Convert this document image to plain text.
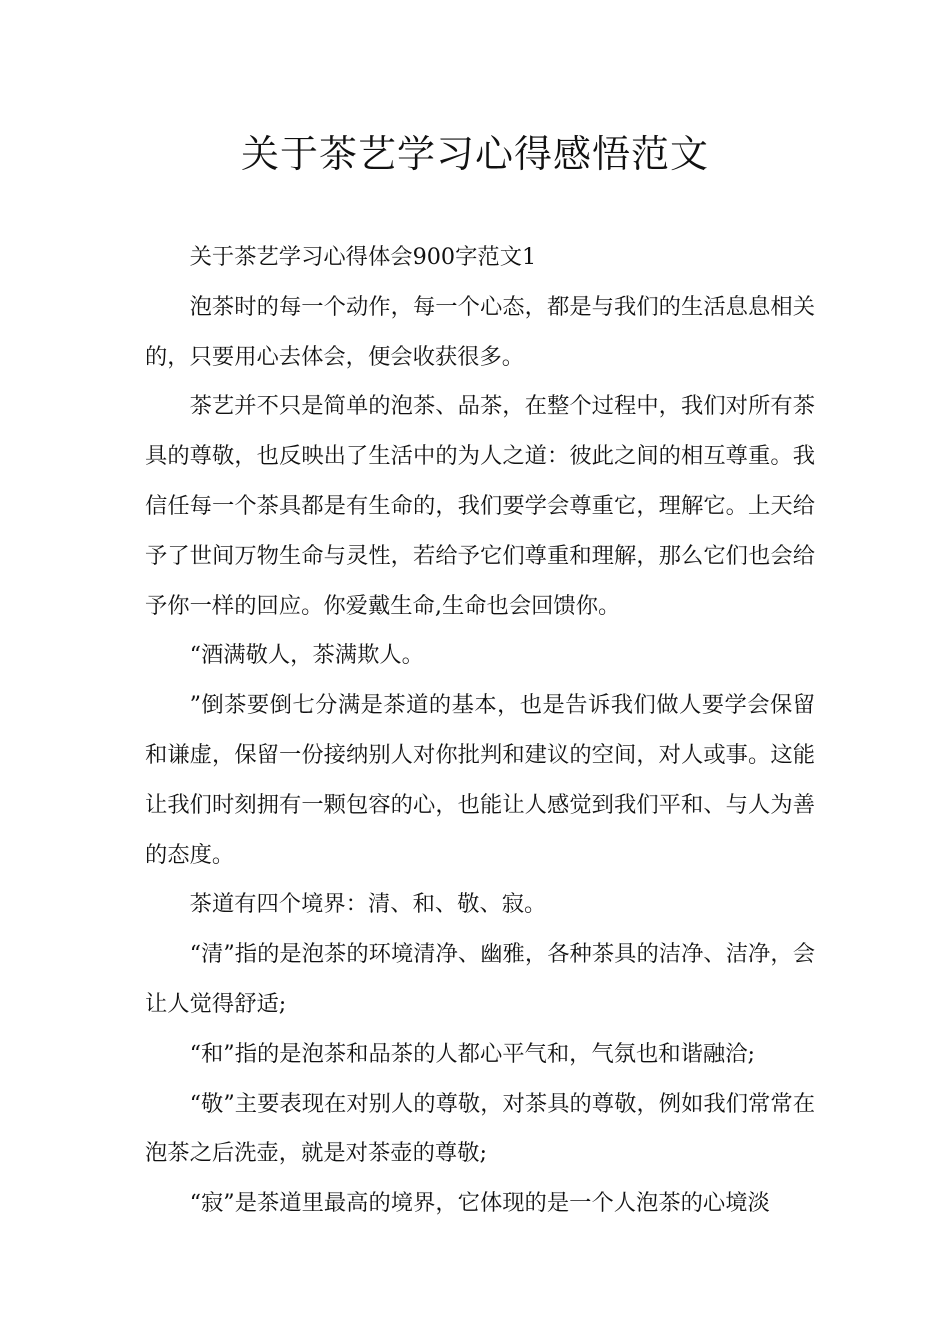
关于茶艺学习心得感悟范文

关于茶艺学习心得体会900字范文1

泡茶时的每一个动作，每一个心态，都是与我们的生活息息相关的，只要用心去体会，便会收获很多。

茶艺并不只是简单的泡茶、品茶，在整个过程中，我们对所有茶具的尊敬，也反映出了生活中的为人之道：彼此之间的相互尊重。我信任每一个茶具都是有生命的，我们要学会尊重它，理解它。上天给予了世间万物生命与灵性，若给予它们尊重和理解，那么它们也会给予你一样的回应。你爱戴生命,生命也会回馈你。

“酒满敬人，茶满欺人。

”倒茶要倒七分满是茶道的基本，也是告诉我们做人要学会保留和谦虚，保留一份接纳别人对你批判和建议的空间，对人或事。这能让我们时刻拥有一颗包容的心，也能让人感觉到我们平和、与人为善的态度。

茶道有四个境界：清、和、敬、寂。

“清”指的是泡茶的环境清净、幽雅，各种茶具的洁净、洁净，会让人觉得舒适;

“和”指的是泡茶和品茶的人都心平气和，气氛也和谐融洽;

“敬”主要表现在对别人的尊敬，对茶具的尊敬，例如我们常常在泡茶之后洗壶，就是对茶壶的尊敬;

“寂”是茶道里最高的境界，它体现的是一个人泡茶的心境淡
